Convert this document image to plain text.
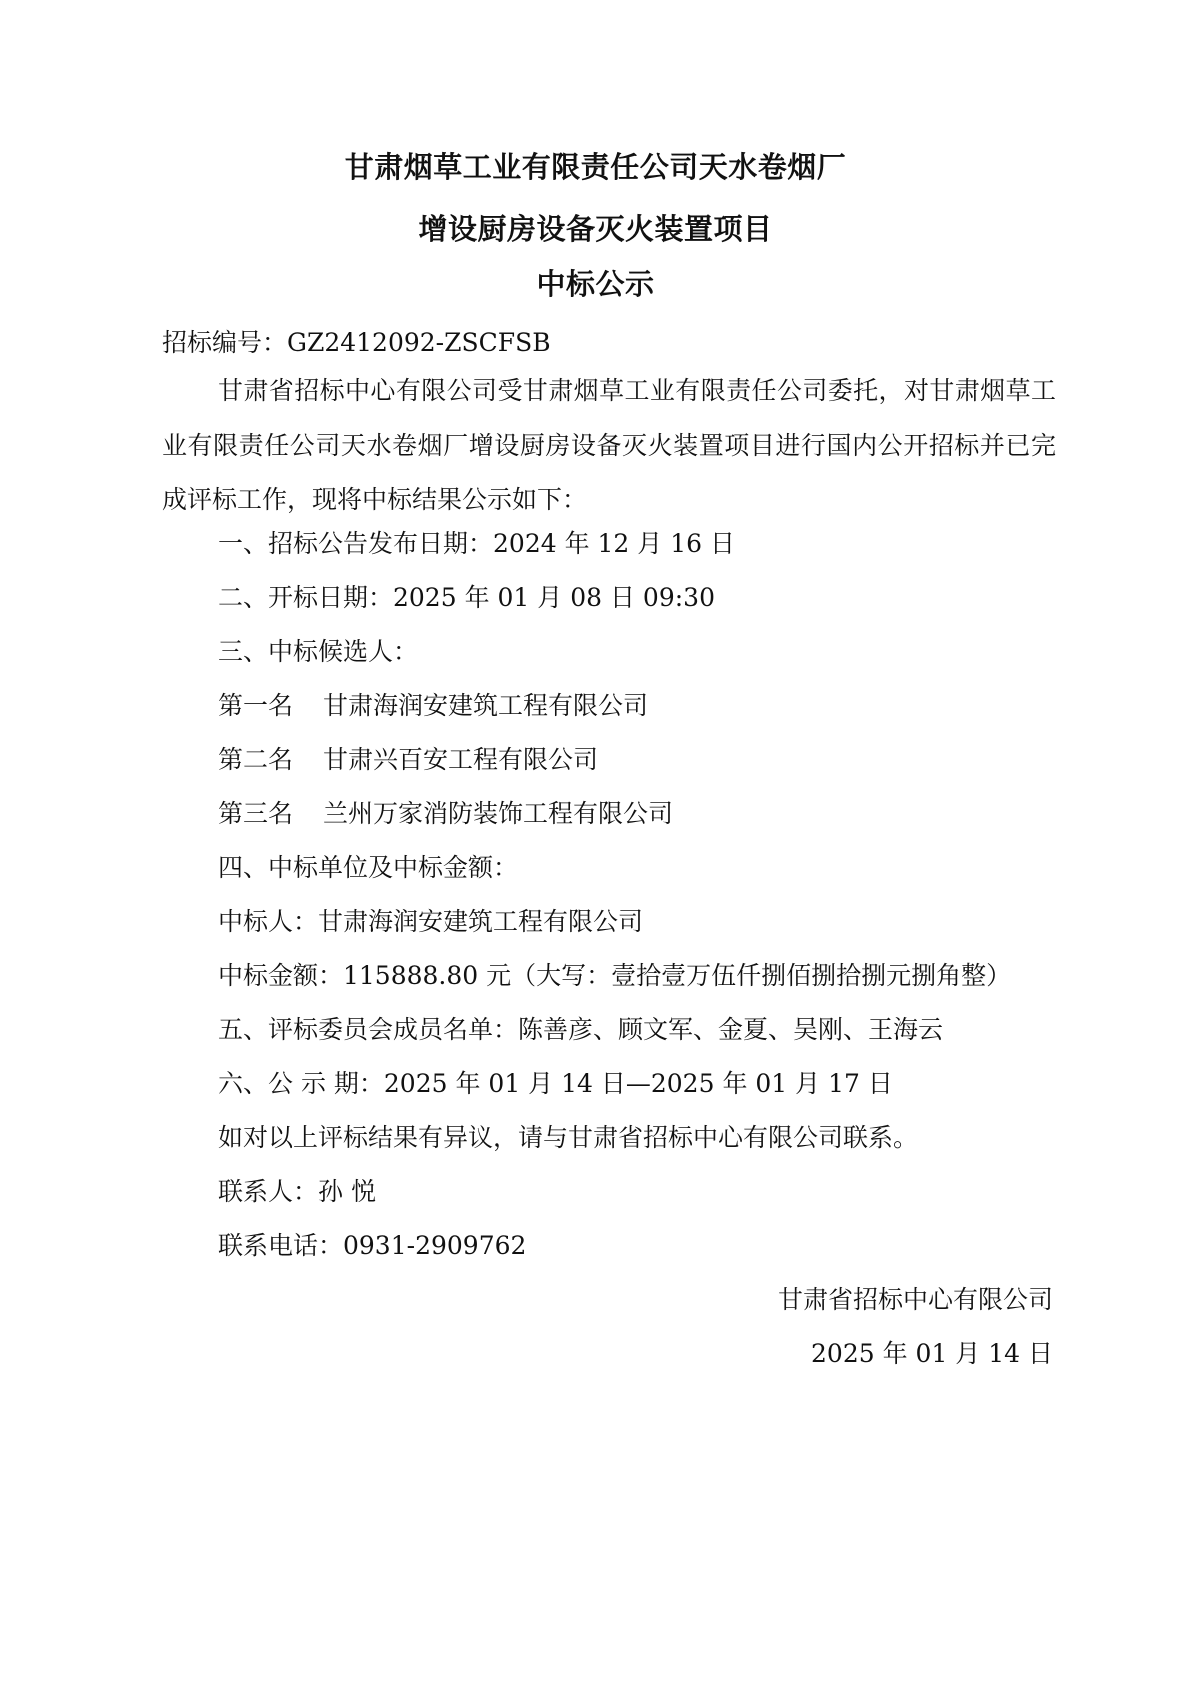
甘肃烟草工业有限责任公司天水卷烟厂
增设厨房设备灭火装置项目
中标公示
招标编号：GZ2412092-ZSCFSB
甘肃省招标中心有限公司受甘肃烟草工业有限责任公司委托，对甘肃烟草工业有限责任公司天水卷烟厂增设厨房设备灭火装置项目进行国内公开招标并已完成评标工作，现将中标结果公示如下：
一、招标公告发布日期：2024 年 12 月 16 日
二、开标日期：2025 年 01 月 08 日 09:30
三、中标候选人：
第一名 甘肃海润安建筑工程有限公司
第二名 甘肃兴百安工程有限公司
第三名 兰州万家消防装饰工程有限公司
四、中标单位及中标金额：
中标人：甘肃海润安建筑工程有限公司
中标金额：115888.80 元（大写：壹拾壹万伍仟捌佰捌拾捌元捌角整）
五、评标委员会成员名单：陈善彦、顾文军、金夏、吴刚、王海云
六、公 示 期：2025 年 01 月 14 日—2025 年 01 月 17 日
如对以上评标结果有异议，请与甘肃省招标中心有限公司联系。
联系人：孙 悦
联系电话：0931-2909762
甘肃省招标中心有限公司
2025 年 01 月 14 日
